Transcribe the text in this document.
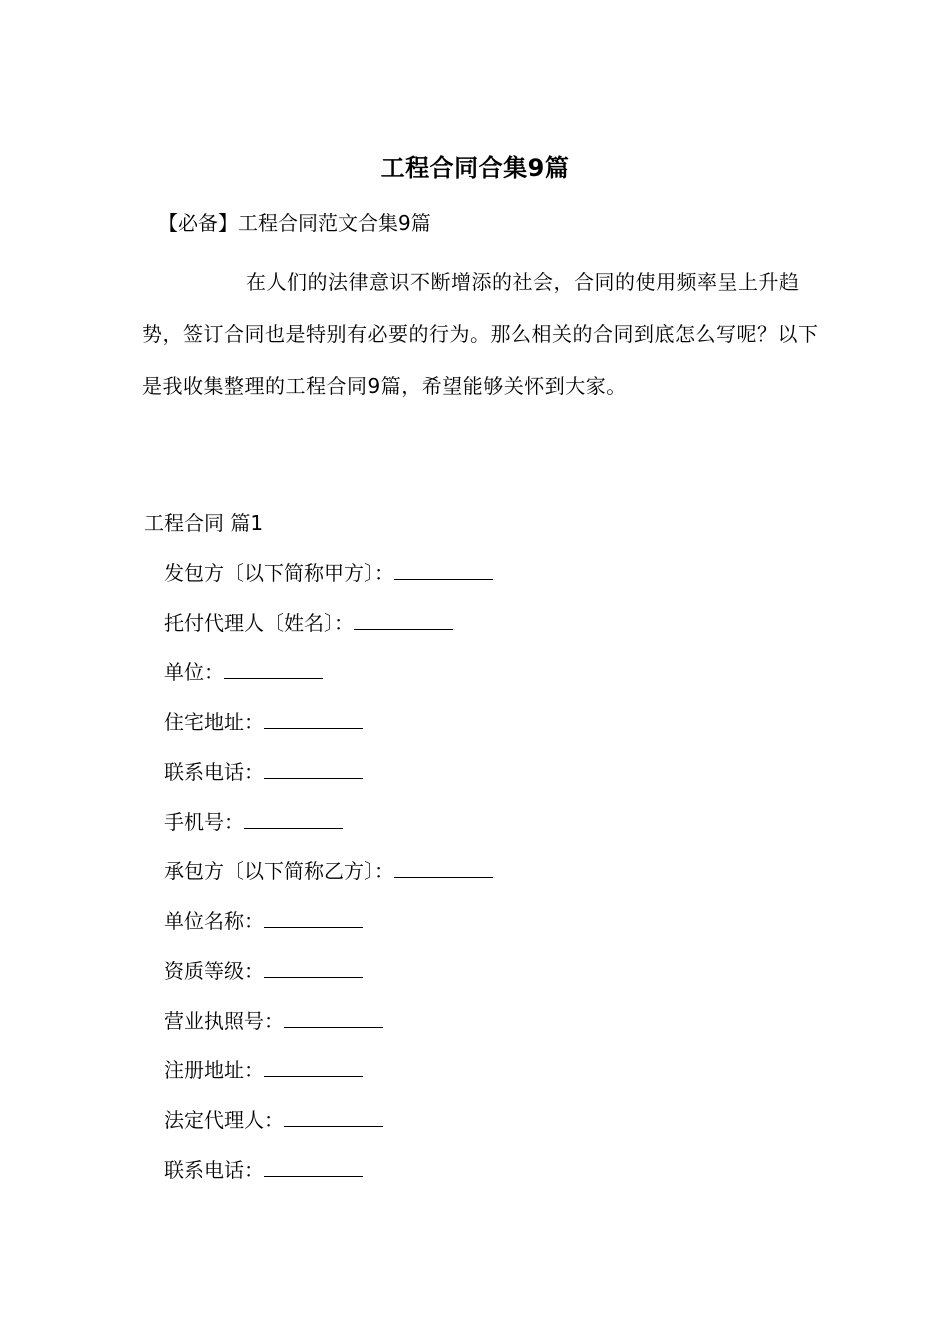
工程合同合集9篇
【必备】工程合同范文合集9篇
在人们的法律意识不断增添的社会，合同的使用频率呈上升趋势，签订合同也是特别有必要的行为。那么相关的合同到底怎么写呢？以下是我收集整理的工程合同9篇，希望能够关怀到大家。
工程合同 篇1
发包方〔以下简称甲方〕：
托付代理人〔姓名〕：
单位：
住宅地址：
联系电话：
手机号：
承包方〔以下简称乙方〕：
单位名称：
资质等级：
营业执照号：
注册地址：
法定代理人：
联系电话：
